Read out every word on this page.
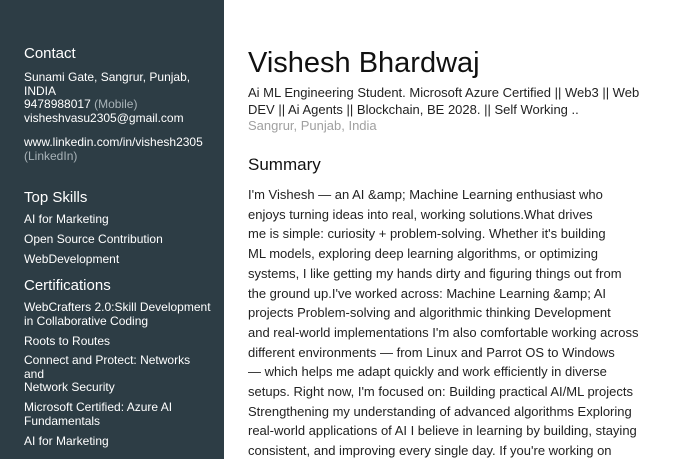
Contact
Sunami Gate, Sangrur, Punjab,
INDIA
9478988017 (Mobile)
visheshvasu2305@gmail.com
www.linkedin.com/in/vishesh2305
(LinkedIn)
Top Skills
AI for Marketing
Open Source Contribution
WebDevelopment
Certifications
WebCrafters 2.0:Skill Development
in Collaborative Coding
Roots to Routes
Connect and Protect: Networks and
Network Security
Microsoft Certified: Azure AI
Fundamentals
AI for Marketing
Vishesh Bhardwaj
Ai ML Engineering Student. Microsoft Azure Certified || Web3 || Web DEV || Ai Agents || Blockchain, BE 2028. || Self Working ..
Sangrur, Punjab, India
Summary
I'm Vishesh — an AI &amp; Machine Learning enthusiast who
enjoys turning ideas into real, working solutions.What drives
me is simple: curiosity + problem-solving. Whether it's building
ML models, exploring deep learning algorithms, or optimizing
systems, I like getting my hands dirty and figuring things out from
the ground up.I've worked across: Machine Learning &amp; AI
projects Problem-solving and algorithmic thinking Development
and real-world implementations I'm also comfortable working across
different environments — from Linux and Parrot OS to Windows
— which helps me adapt quickly and work efficiently in diverse
setups. Right now, I'm focused on: Building practical AI/ML projects
Strengthening my understanding of advanced algorithms Exploring
real-world applications of AI I believe in learning by building, staying
consistent, and improving every single day. If you're working on
